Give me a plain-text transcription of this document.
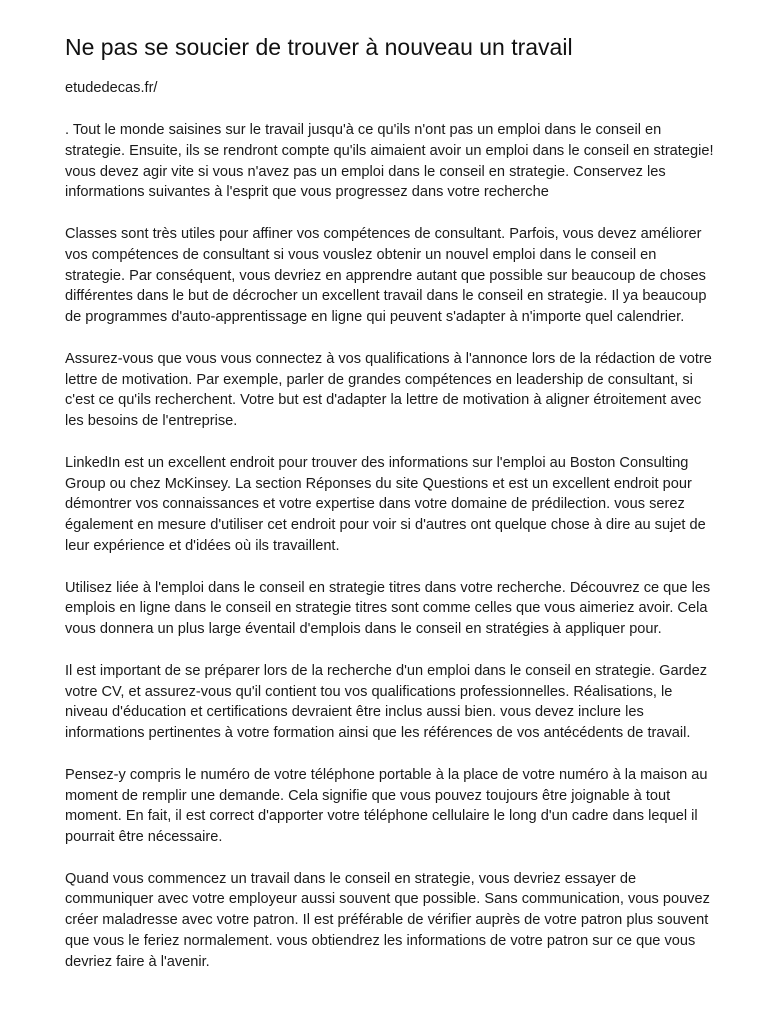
Ne pas se soucier de trouver à nouveau un travail
etudedecas.fr/

. Tout le monde saisines sur le travail jusqu'à ce qu'ils n'ont pas un emploi dans le conseil en strategie. Ensuite, ils se rendront compte qu'ils aimaient avoir un emploi dans le conseil en strategie! vous devez agir vite si vous n'avez pas un emploi dans le conseil en strategie. Conservez les informations suivantes à l'esprit que vous progressez dans votre recherche

Classes sont très utiles pour affiner vos compétences de consultant. Parfois, vous devez améliorer vos compétences de consultant si vous vouslez obtenir un nouvel emploi dans le conseil en strategie. Par conséquent, vous devriez en apprendre autant que possible sur beaucoup de choses différentes dans le but de décrocher un excellent travail dans le conseil en strategie. Il ya beaucoup de programmes d'auto-apprentissage en ligne qui peuvent s'adapter à n'importe quel calendrier.

Assurez-vous que vous vous connectez à vos qualifications à l'annonce lors de la rédaction de votre lettre de motivation. Par exemple, parler de grandes compétences en leadership de consultant, si c'est ce qu'ils recherchent. Votre but est d'adapter la lettre de motivation à aligner étroitement avec les besoins de l'entreprise.

LinkedIn est un excellent endroit pour trouver des informations sur l'emploi au Boston Consulting Group ou chez McKinsey. La section Réponses du site Questions et est un excellent endroit pour démontrer vos connaissances et votre expertise dans votre domaine de prédilection. vous serez également en mesure d'utiliser cet endroit pour voir si d'autres ont quelque chose à dire au sujet de leur expérience et d'idées où ils travaillent.

Utilisez liée à l'emploi dans le conseil en strategie titres dans votre recherche. Découvrez ce que les emplois en ligne dans le conseil en strategie titres sont comme celles que vous aimeriez avoir. Cela vous donnera un plus large éventail d'emplois dans le conseil en stratégies à appliquer pour.

Il est important de se préparer lors de la recherche d'un emploi dans le conseil en strategie. Gardez votre CV, et assurez-vous qu'il contient tou vos qualifications professionnelles. Réalisations, le niveau d'éducation et certifications devraient être inclus aussi bien. vous devez inclure les informations pertinentes à votre formation ainsi que les références de vos antécédents de travail.

Pensez-y compris le numéro de votre téléphone portable à la place de votre numéro à la maison au moment de remplir une demande. Cela signifie que vous pouvez toujours être joignable à tout moment. En fait, il est correct d'apporter votre téléphone cellulaire le long d'un cadre dans lequel il pourrait être nécessaire.

Quand vous commencez un travail dans le conseil en strategie, vous devriez essayer de communiquer avec votre employeur aussi souvent que possible. Sans communication, vous pouvez créer maladresse avec votre patron. Il est préférable de vérifier auprès de votre patron plus souvent que vous le feriez normalement. vous obtiendrez les informations de votre patron sur ce que vous devriez faire à l'avenir.
